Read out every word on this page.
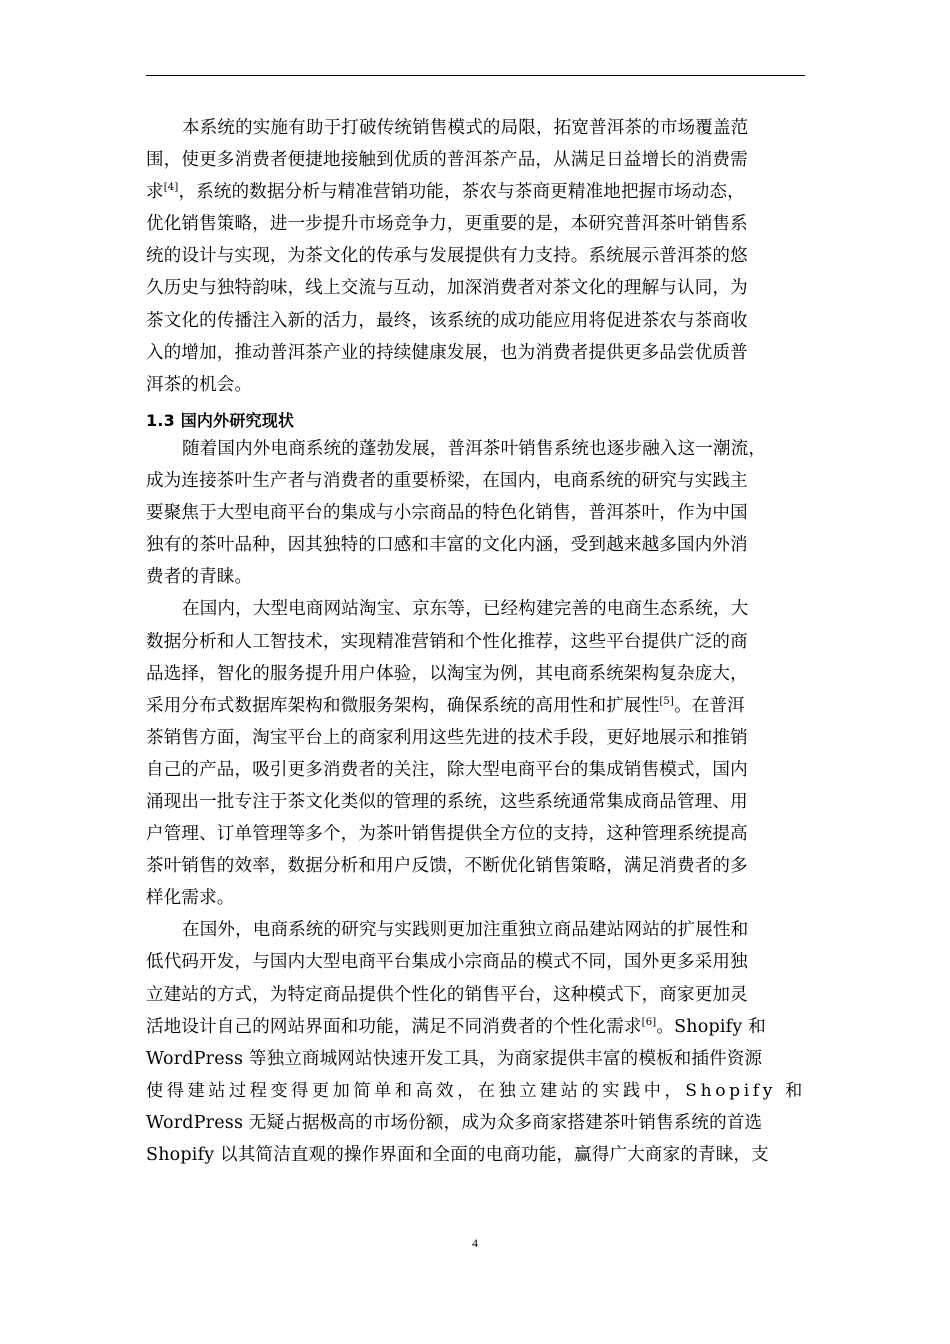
本系统的实施有助于打破传统销售模式的局限，拓宽普洱茶的市场覆盖范
围，使更多消费者便捷地接触到优质的普洱茶产品，从满足日益增长的消费需
求[4]，系统的数据分析与精准营销功能，茶农与茶商更精准地把握市场动态，
优化销售策略，进一步提升市场竞争力，更重要的是，本研究普洱茶叶销售系
统的设计与实现，为茶文化的传承与发展提供有力支持。系统展示普洱茶的悠
久历史与独特韵味，线上交流与互动，加深消费者对茶文化的理解与认同，为
茶文化的传播注入新的活力，最终，该系统的成功能应用将促进茶农与茶商收
入的增加，推动普洱茶产业的持续健康发展，也为消费者提供更多品尝优质普
洱茶的机会。
1.3 国内外研究现状
随着国内外电商系统的蓬勃发展，普洱茶叶销售系统也逐步融入这一潮流，
成为连接茶叶生产者与消费者的重要桥梁，在国内，电商系统的研究与实践主
要聚焦于大型电商平台的集成与小宗商品的特色化销售，普洱茶叶，作为中国
独有的茶叶品种，因其独特的口感和丰富的文化内涵，受到越来越多国内外消
费者的青睐。
在国内，大型电商网站淘宝、京东等，已经构建完善的电商生态系统，大
数据分析和人工智技术，实现精准营销和个性化推荐，这些平台提供广泛的商
品选择，智化的服务提升用户体验，以淘宝为例，其电商系统架构复杂庞大，
采用分布式数据库架构和微服务架构，确保系统的高用性和扩展性[5]。在普洱
茶销售方面，淘宝平台上的商家利用这些先进的技术手段，更好地展示和推销
自己的产品，吸引更多消费者的关注，除大型电商平台的集成销售模式，国内
涌现出一批专注于茶文化类似的管理的系统，这些系统通常集成商品管理、用
户管理、订单管理等多个，为茶叶销售提供全方位的支持，这种管理系统提高
茶叶销售的效率，数据分析和用户反馈，不断优化销售策略，满足消费者的多
样化需求。
在国外，电商系统的研究与实践则更加注重独立商品建站网站的扩展性和
低代码开发，与国内大型电商平台集成小宗商品的模式不同，国外更多采用独
立建站的方式，为特定商品提供个性化的销售平台，这种模式下，商家更加灵
活地设计自己的网站界面和功能，满足不同消费者的个性化需求[6]。Shopify 和
WordPress 等独立商城网站快速开发工具，为商家提供丰富的模板和插件资源
使得建站过程变得更加简单和高效，在独立建站的实践中，Shopify 和
WordPress 无疑占据极高的市场份额，成为众多商家搭建茶叶销售系统的首选
Shopify 以其简洁直观的操作界面和全面的电商功能，赢得广大商家的青睐，支
4
